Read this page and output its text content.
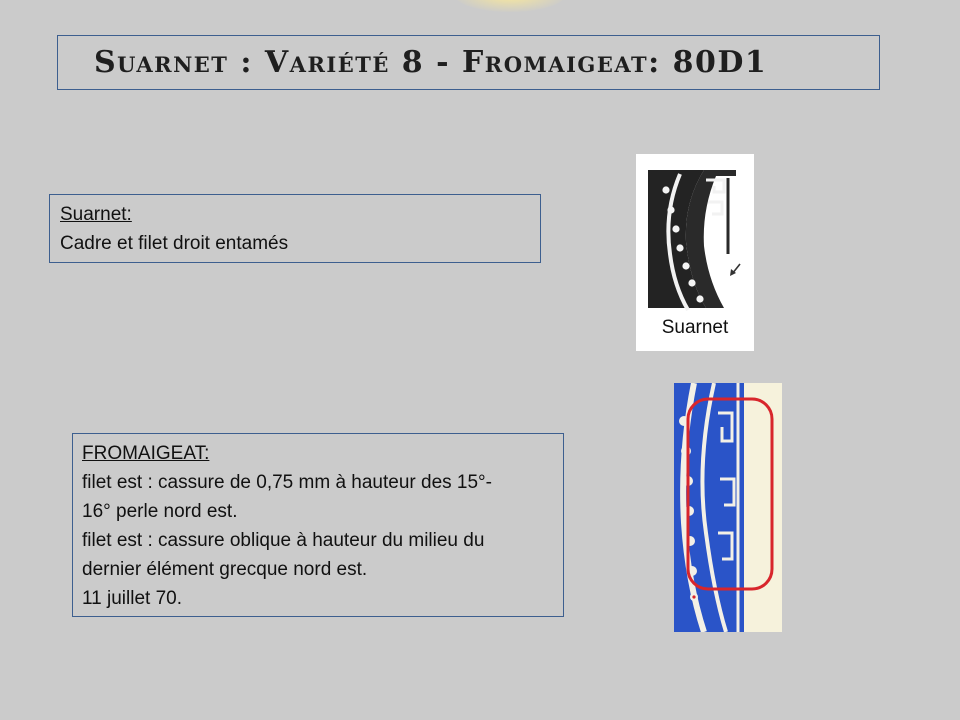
Suarnet : Variété 8 - Fromaigeat: 80D1
Suarnet:
Cadre et filet droit entamés
FROMAIGEAT:
filet est : cassure de 0,75 mm à hauteur des 15°-
16° perle nord est.
filet est : cassure oblique à hauteur du milieu du
dernier élément grecque nord est.
11 juillet 70.
Suarnet
